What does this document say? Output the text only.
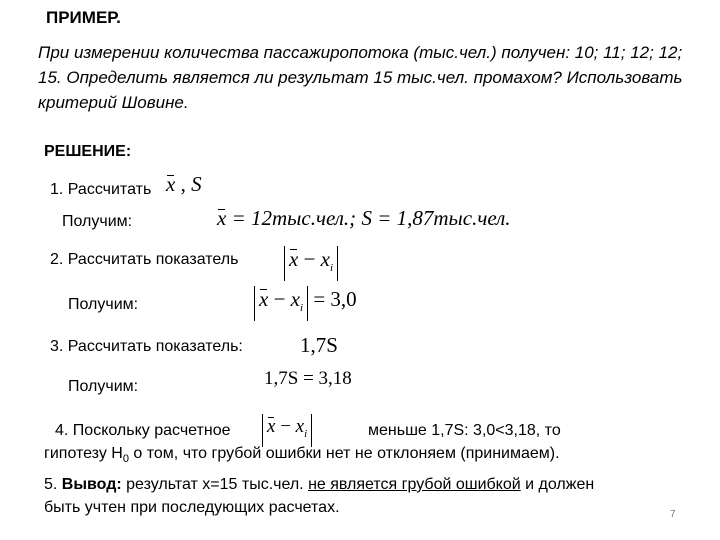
ПРИМЕР.
При измерении количества пассажиропотока (тыс.чел.) получен: 10; 11; 12; 12; 15. Определить является ли результат 15 тыс.чел. промахом? Использовать критерий Шовине.
РЕШЕНИЕ:
1. Рассчитать x , S
Получим:	x = 12тыс.чел.; S = 1,87тыс.чел.
2. Рассчитать показатель $x - x_i$
Получим:	$x - x_i = 3,0$
3. Рассчитать показатель:	1,7S
Получим:	1,7S = 3,18
4. Поскольку расчетное $x - x_i$	меньше 1,7S: 3,0<3,18, то
гипотезу $Н_0$ о том, что грубой ошибки нет не отклоняем (принимаем).
5. Вывод: результат x=15 тыс.чел. не является грубой ошибкой и должен
быть учтен при последующих расчетах.	7
